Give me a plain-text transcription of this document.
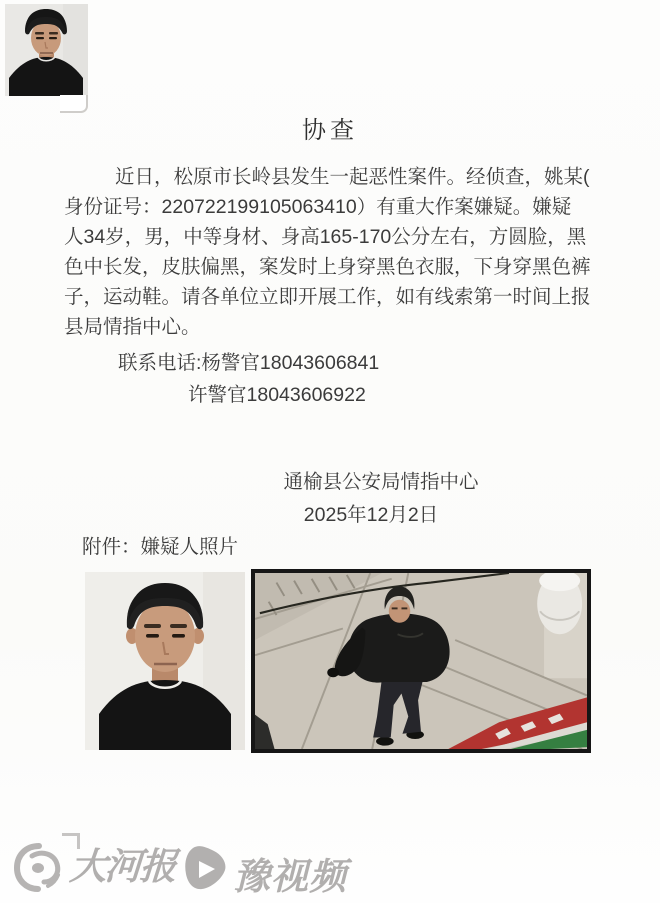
协查
近日，松原市长岭县发生一起恶性案件。经侦查，姚某(
身份证号：220722199105063410）有重大作案嫌疑。嫌疑
人34岁，男，中等身材、身高165-170公分左右，方圆脸，黑
色中长发，皮肤偏黑，案发时上身穿黑色衣服，下身穿黑色裤
子，运动鞋。请各单位立即开展工作，如有线索第一时间上报
县局情指中心。
联系电话:杨警官18043606841
许警官18043606922
通榆县公安局情指中心
2025年12月2日
附件：嫌疑人照片
大河报 豫视频
